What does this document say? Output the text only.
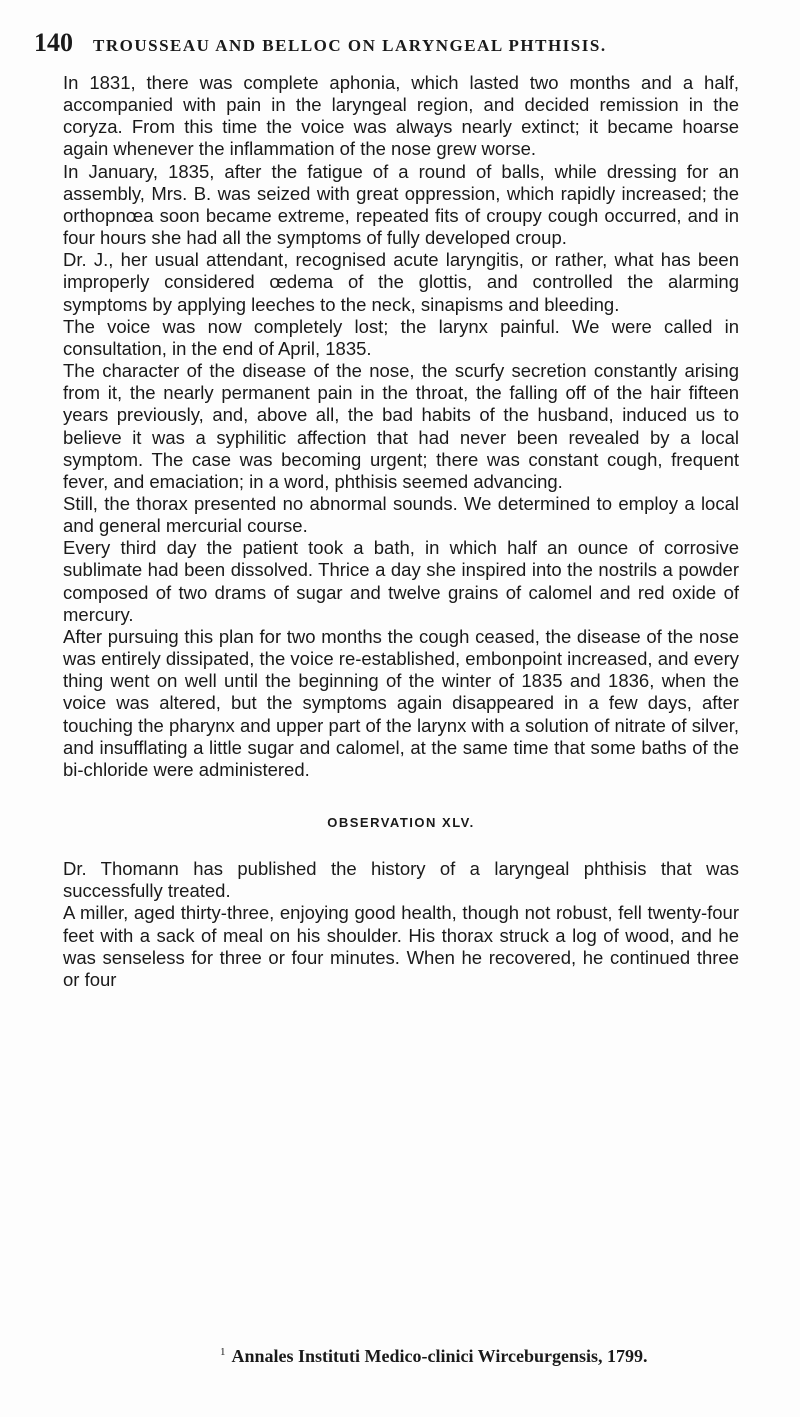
140 TROUSSEAU AND BELLOC ON LARYNGEAL PHTHISIS.

In 1831, there was complete aphonia, which lasted two months and a half, accompanied with pain in the laryngeal region, and decided remission in the coryza. From this time the voice was always nearly extinct; it became hoarse again whenever the inflammation of the nose grew worse.

In January, 1835, after the fatigue of a round of balls, while dressing for an assembly, Mrs. B. was seized with great oppression, which rapidly increased; the orthopnœa soon became extreme, repeated fits of croupy cough occurred, and in four hours she had all the symptoms of fully developed croup.

Dr. J., her usual attendant, recognised acute laryngitis, or rather, what has been improperly considered œdema of the glottis, and controlled the alarming symptoms by applying leeches to the neck, sinapisms and bleeding.

The voice was now completely lost; the larynx painful. We were called in consultation, in the end of April, 1835.

The character of the disease of the nose, the scurfy secretion constantly arising from it, the nearly permanent pain in the throat, the falling off of the hair fifteen years previously, and, above all, the bad habits of the husband, induced us to believe it was a syphilitic affection that had never been revealed by a local symptom. The case was becoming urgent; there was constant cough, frequent fever, and emaciation; in a word, phthisis seemed advancing.

Still, the thorax presented no abnormal sounds. We determined to employ a local and general mercurial course.

Every third day the patient took a bath, in which half an ounce of corrosive sublimate had been dissolved. Thrice a day she inspired into the nostrils a powder composed of two drams of sugar and twelve grains of calomel and red oxide of mercury.

After pursuing this plan for two months the cough ceased, the disease of the nose was entirely dissipated, the voice re-established, embonpoint increased, and every thing went on well until the beginning of the winter of 1835 and 1836, when the voice was altered, but the symptoms again disappeared in a few days, after touching the pharynx and upper part of the larynx with a solution of nitrate of silver, and insufflating a little sugar and calomel, at the same time that some baths of the bi-chloride were administered.

OBSERVATION XLV.

Dr. Thomann has published the history of a laryngeal phthisis that was successfully treated.

A miller, aged thirty-three, enjoying good health, though not robust, fell twenty-four feet with a sack of meal on his shoulder. His thorax struck a log of wood, and he was senseless for three or four minutes. When he recovered, he continued three or four

$^1$ Annales Instituti Medico-clinici Wirceburgensis, 1799.
